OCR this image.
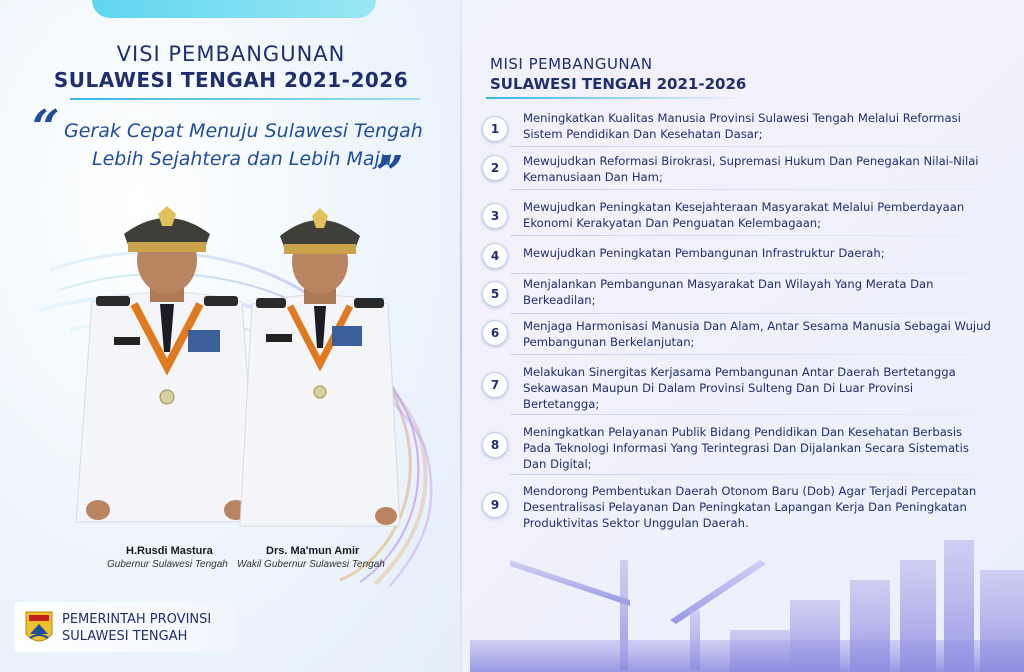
VISI PEMBANGUNAN
SULAWESI TENGAH 2021-2026
“ Gerak Cepat Menuju Sulawesi Tengah
Lebih Sejahtera dan Lebih Maju
”
H.Rusdi Mastura
Gubernur Sulawesi Tengah
Drs. Ma'mun Amir
Wakil Gubernur Sulawesi Tengah
PEMERINTAH PROVINSI
SULAWESI TENGAH
MISI PEMBANGUNAN
SULAWESI TENGAH 2021-2026
1
Meningkatkan Kualitas Manusia Provinsi Sulawesi Tengah Melalui Reformasi Sistem Pendidikan Dan Kesehatan Dasar;
2	Mewujudkan Reformasi Birokrasi, Supremasi Hukum Dan Penegakan Nilai-Nilai Kemanusiaan Dan Ham;
3
Mewujudkan Peningkatan Kesejahteraan Masyarakat Melalui Pemberdayaan Ekonomi Kerakyatan Dan Penguatan Kelembagaan;
4	Mewujudkan Peningkatan Pembangunan Infrastruktur Daerah;
5
Menjalankan Pembangunan Masyarakat Dan Wilayah Yang Merata Dan Berkeadilan;
6	Menjaga Harmonisasi Manusia Dan Alam, Antar Sesama Manusia Sebagai Wujud Pembangunan Berkelanjutan;
7
Melakukan Sinergitas Kerjasama Pembangunan Antar Daerah Bertetangga Sekawasan Maupun Di Dalam Provinsi Sulteng Dan Di Luar Provinsi Bertetangga;
8
Meningkatkan Pelayanan Publik Bidang Pendidikan Dan Kesehatan Berbasis Pada Teknologi Informasi Yang Terintegrasi Dan Dijalankan Secara Sistematis Dan Digital;
9
Mendorong Pembentukan Daerah Otonom Baru (Dob) Agar Terjadi Percepatan Desentralisasi Pelayanan Dan Peningkatan Lapangan Kerja Dan Peningkatan Produktivitas Sektor Unggulan Daerah.
